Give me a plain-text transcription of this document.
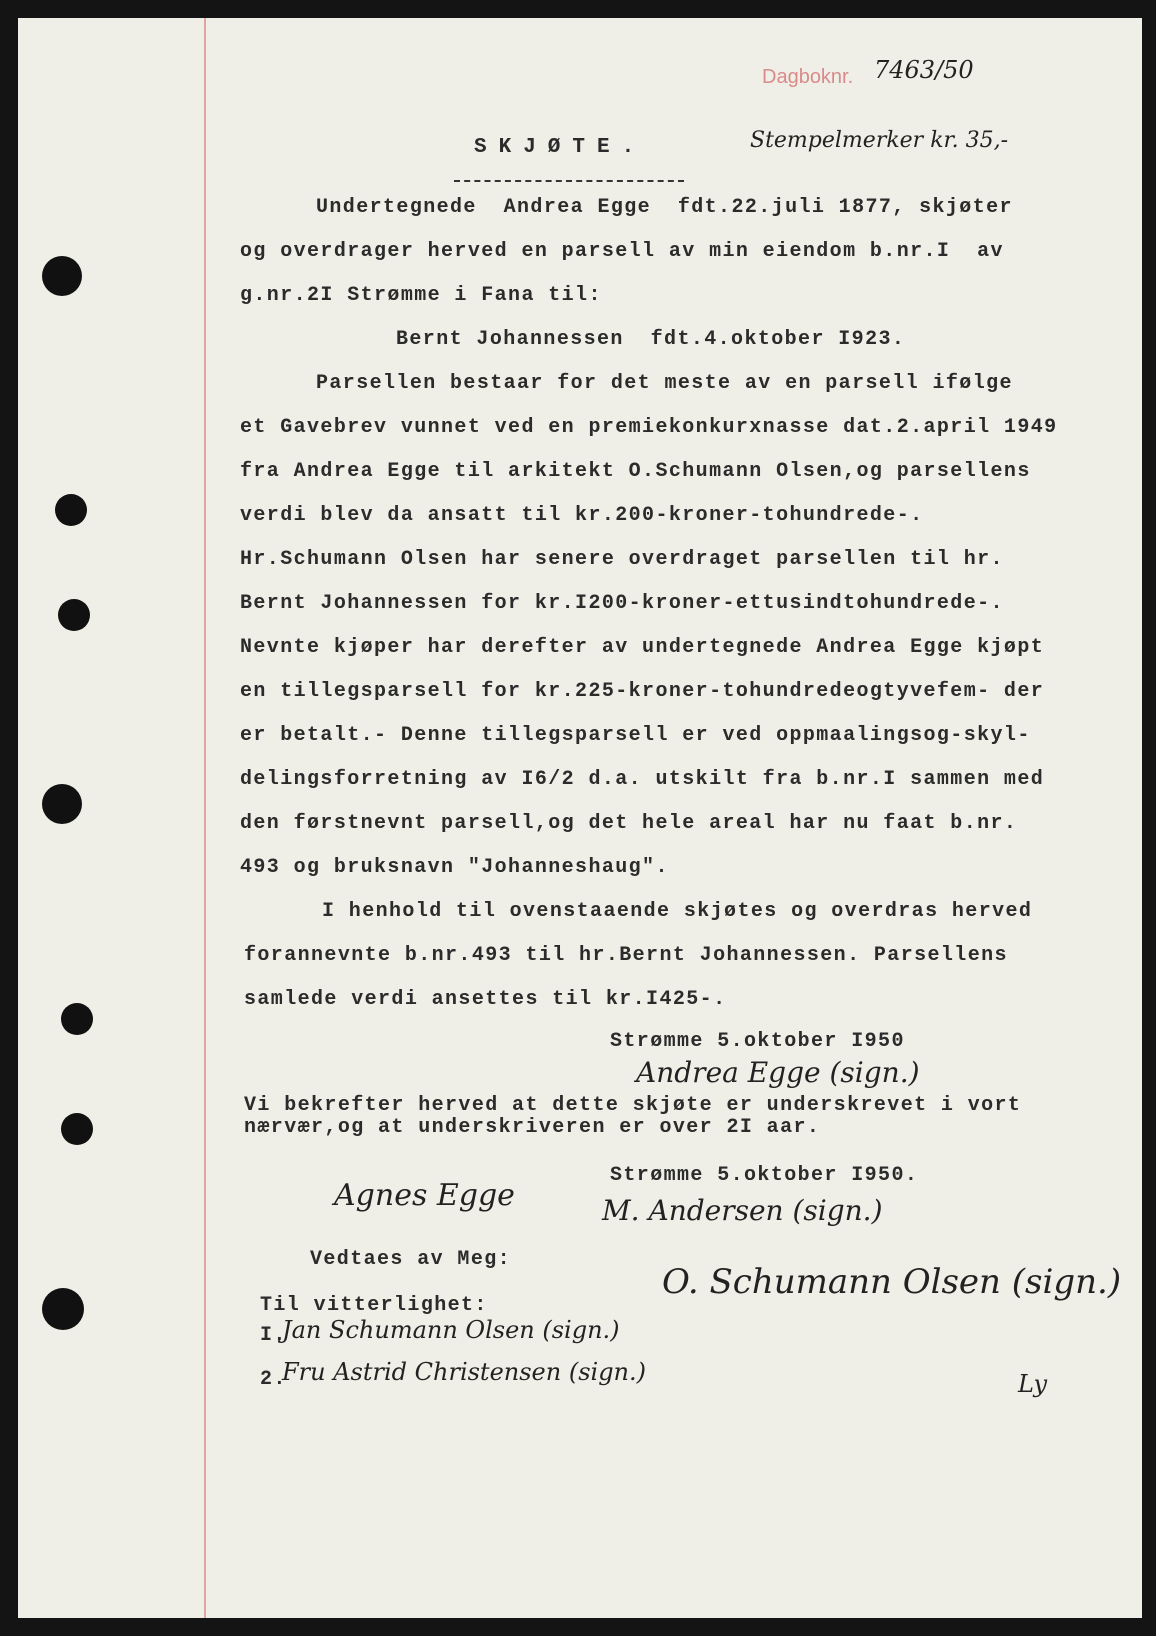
Dagboknr. 7463/50
Stempelmerker kr. 35,-
SKJØTE.
Undertegnede  Andrea Egge  fdt.22.juli 1877, skjøter
og overdrager herved en parsell av min eiendom b.nr.I  av
g.nr.2I Strømme i Fana til:
Bernt Johannessen  fdt.4.oktober I923.
Parsellen bestaar for det meste av en parsell ifølge
et Gavebrev vunnet ved en premiekonkurxnasse dat.2.april 1949
fra Andrea Egge til arkitekt O.Schumann Olsen,og parsellens
verdi blev da ansatt til kr.200-kroner-tohundrede-.
Hr.Schumann Olsen har senere overdraget parsellen til hr.
Bernt Johannessen for kr.I200-kroner-ettusindtohundrede-.
Nevnte kjøper har derefter av undertegnede Andrea Egge kjøpt
en tillegsparsell for kr.225-kroner-tohundredeogtyvefem- der
er betalt.- Denne tillegsparsell er ved oppmaalingsog-skyl-
delingsforretning av I6/2 d.a. utskilt fra b.nr.I sammen med
den førstnevnt parsell,og det hele areal har nu faat b.nr.
493 og bruksnavn "Johanneshaug".
I henhold til ovenstaaende skjøtes og overdras herved
forannevnte b.nr.493 til hr.Bernt Johannessen. Parsellens
samlede verdi ansettes til kr.I425-.
Strømme 5.oktober I950
Andrea Egge (sign.)
Vi bekrefter herved at dette skjøte er underskrevet i vort
nærvær,og at underskriveren er over 2I aar.
Strømme 5.oktober I950.
Agnes Egge	M. Andersen (sign.)
Vedtaes av Meg:
O. Schumann Olsen (sign.)
Til vitterlighet:
I.
Jan Schumann Olsen (sign.)
2.
Fru Astrid Christensen (sign.)	Ly
